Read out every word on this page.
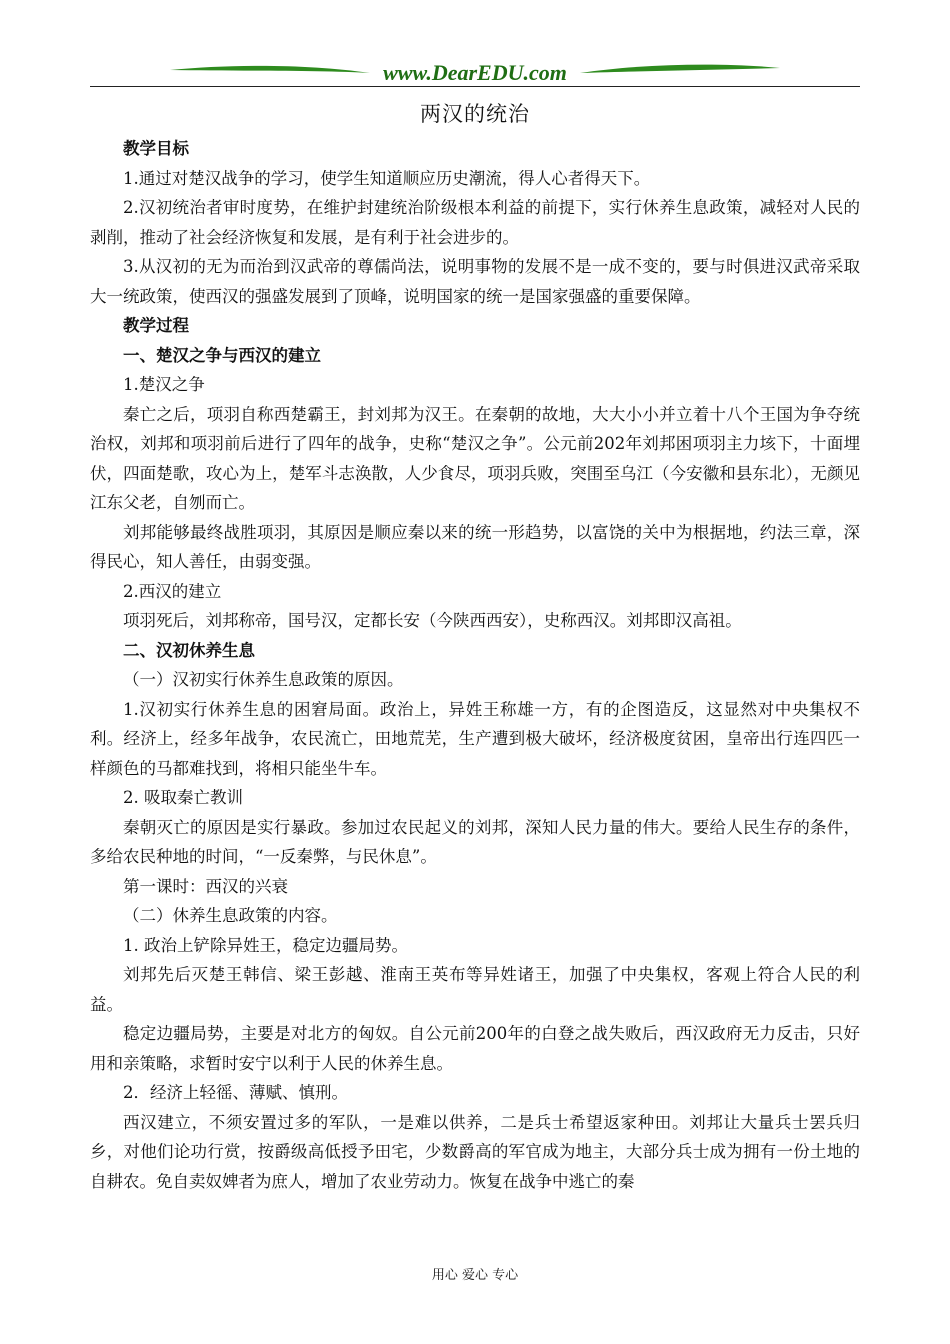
www.DearEDU.com
两汉的统治

教学目标

1.通过对楚汉战争的学习，使学生知道顺应历史潮流，得人心者得天下。

2.汉初统治者审时度势，在维护封建统治阶级根本利益的前提下，实行休养生息政策，减轻对人民的剥削，推动了社会经济恢复和发展，是有利于社会进步的。

3.从汉初的无为而治到汉武帝的尊儒尚法，说明事物的发展不是一成不变的，要与时俱进汉武帝采取大一统政策，使西汉的强盛发展到了顶峰，说明国家的统一是国家强盛的重要保障。

教学过程

一、楚汉之争与西汉的建立

1.楚汉之争

秦亡之后，项羽自称西楚霸王，封刘邦为汉王。在秦朝的故地，大大小小并立着十八个王国为争夺统治权，刘邦和项羽前后进行了四年的战争，史称“楚汉之争”。公元前202年刘邦困项羽主力垓下，十面埋伏，四面楚歌，攻心为上，楚军斗志涣散，人少食尽，项羽兵败，突围至乌江（今安徽和县东北），无颜见江东父老，自刎而亡。

刘邦能够最终战胜项羽，其原因是顺应秦以来的统一形趋势，以富饶的关中为根据地，约法三章，深得民心，知人善任，由弱变强。

2.西汉的建立

项羽死后，刘邦称帝，国号汉，定都长安（今陕西西安），史称西汉。刘邦即汉高祖。

二、汉初休养生息

（一）汉初实行休养生息政策的原因。

1.汉初实行休养生息的困窘局面。政治上，异姓王称雄一方，有的企图造反，这显然对中央集权不利。经济上，经多年战争，农民流亡，田地荒芜，生产遭到极大破坏，经济极度贫困，皇帝出行连四匹一样颜色的马都难找到，将相只能坐牛车。

2. 吸取秦亡教训

秦朝灭亡的原因是实行暴政。参加过农民起义的刘邦，深知人民力量的伟大。要给人民生存的条件，多给农民种地的时间，“一反秦弊，与民休息”。

第一课时：西汉的兴衰

（二）休养生息政策的内容。

1. 政治上铲除异姓王，稳定边疆局势。

刘邦先后灭楚王韩信、梁王彭越、淮南王英布等异姓诸王，加强了中央集权，客观上符合人民的利益。

稳定边疆局势，主要是对北方的匈奴。自公元前200年的白登之战失败后，西汉政府无力反击，只好用和亲策略，求暂时安宁以利于人民的休养生息。

2．经济上轻徭、薄赋、慎刑。

西汉建立，不须安置过多的军队，一是难以供养，二是兵士希望返家种田。刘邦让大量兵士罢兵归乡，对他们论功行赏，按爵级高低授予田宅，少数爵高的军官成为地主，大部分兵士成为拥有一份土地的自耕农。免自卖奴婢者为庶人，增加了农业劳动力。恢复在战争中逃亡的秦

用心 爱心 专心
